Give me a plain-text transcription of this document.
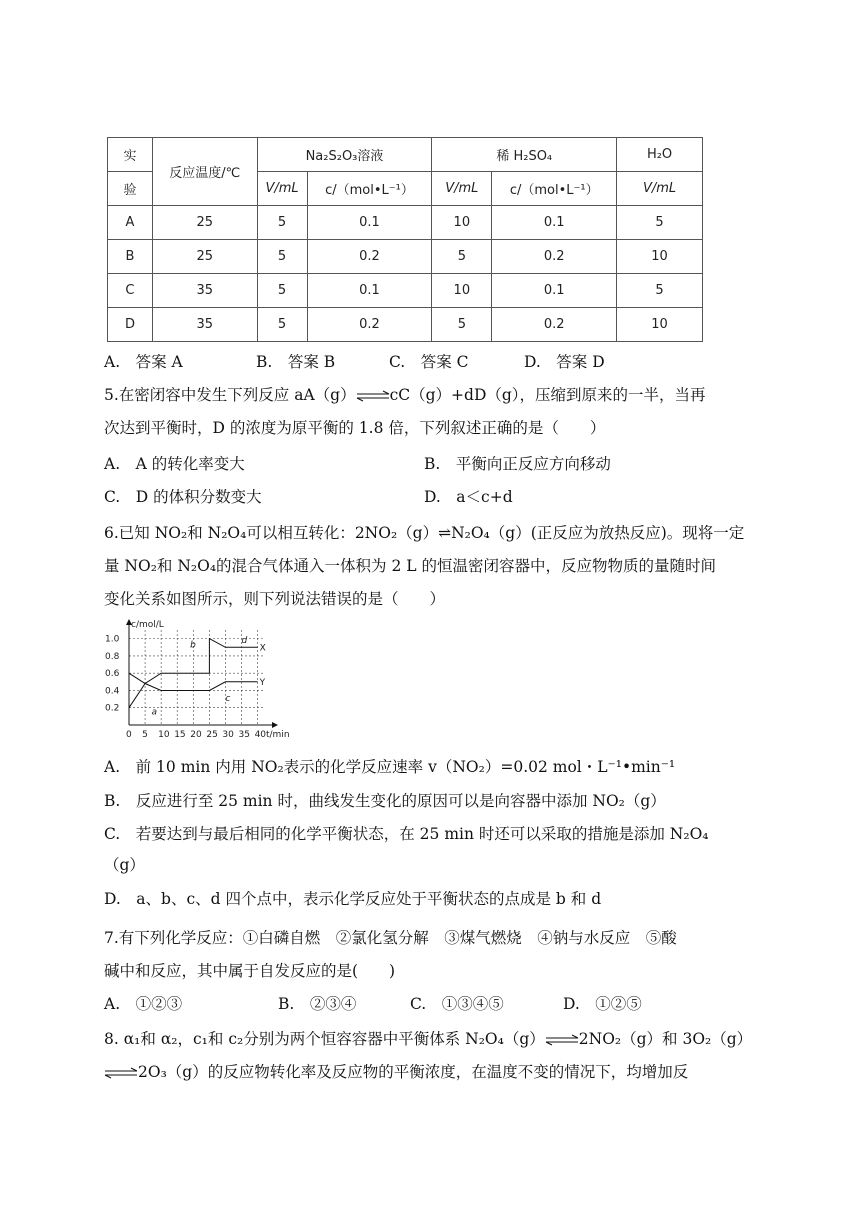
实	反应温度/℃	Na₂S₂O₃溶液		稀 H₂SO₄		H₂O
验		V/mL	c/（mol•L⁻¹）	V/mL	c/（mol•L⁻¹）	V/mL
A	25	5	0.1	10	0.1	5
B	25	5	0.2	5	0.2	10
C	35	5	0.1	10	0.1	5
D	35	5	0.2	5	0.2	10
A.　答案 A	B.　答案 B	C.　答案 C	D.　答案 D
5.在密闭容中发生下列反应 aA（g）⇌cC（g）+dD（g），压缩到原来的一半，当再
次达到平衡时，D 的浓度为原平衡的 1.8 倍，下列叙述正确的是（　　）
A.　A 的转化率变大	B.　平衡向正反应方向移动
C.　D 的体积分数变大	D.　a＜c+d
6.已知 NO₂和 N₂O₄可以相互转化：2NO₂（g）⇌N₂O₄（g）(正反应为放热反应)。现将一定
量 NO₂和 N₂O₄的混合气体通入一体积为 2 L 的恒温密闭容器中，反应物物质的量随时间
变化关系如图所示，则下列说法错误的是（　　）
c/mol/L
t/min
1.0
0.8
0.6
0.4
0.2
0 5 10 15 20 25 30 35 40
X
Y
a
b
c
d
A.　前 10 min 内用 NO₂表示的化学反应速率 v（NO₂）=0.02 mol・L⁻¹•min⁻¹
B.　反应进行至 25 min 时，曲线发生变化的原因可以是向容器中添加 NO₂（g）
C.　若要达到与最后相同的化学平衡状态，在 25 min 时还可以采取的措施是添加 N₂O₄
（g）
D.　a、b、c、d 四个点中，表示化学反应处于平衡状态的点成是 b 和 d
7.有下列化学反应：①白磷自燃　②氯化氢分解　③煤气燃烧　④钠与水反应　⑤酸
碱中和反应，其中属于自发反应的是(　　)
A.　①②③	B.　②③④	C.　①③④⑤	D.　①②⑤
8. α₁和 α₂，c₁和 c₂分别为两个恒容容器中平衡体系 N₂O₄（g）⇌2NO₂（g）和 3O₂（g）
⇌2O₃（g）的反应物转化率及反应物的平衡浓度，在温度不变的情况下，均增加反
